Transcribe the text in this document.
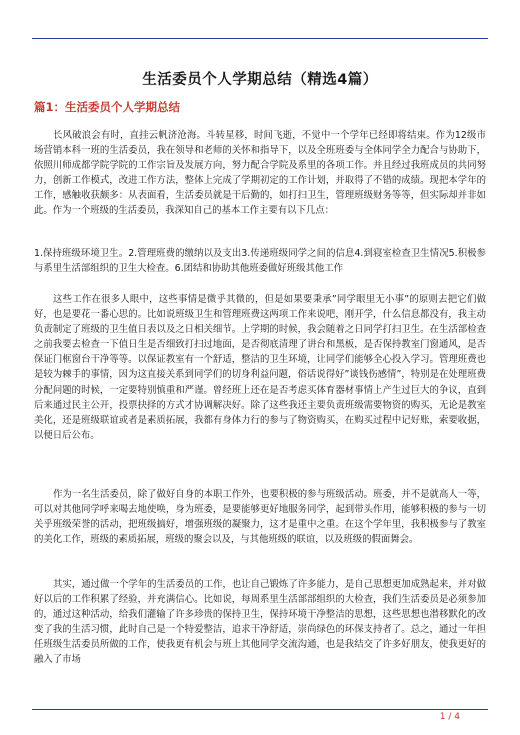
生活委员个人学期总结（精选4篇）
篇1：生活委员个人学期总结

长风破浪会有时，直挂云帆济沧海。斗转星移，时间飞逝，不觉中一个学年已经即将结束。作为12级市场营销本科一班的生活委员，我在领导和老师的关怀和指导下，以及全班班委与全体同学全力配合与协助下，依照川师成都学院学院的工作宗旨及发展方向，努力配合学院及系里的各项工作。并且经过我班成员的共同努力，创新工作模式，改进工作方法，整体上完成了学期初定的工作计划，并取得了不错的成绩。现把本学年的工作，感触收获颇多：从表面看，生活委员就是干后勤的，如打扫卫生，管理班级财务等等，但实际却并非如此。作为一个班级的生活委员，我深知自己的基本工作主要有以下几点：

1.保持班级环境卫生。2.管理班费的缴纳以及支出3.传递班级同学之间的信息4.到寝室检查卫生情况5.积极参与系里生活部组织的卫生大检查。6.团结和协助其他班委做好班级其他工作

这些工作在很多人眼中，这些事情是微乎其微的，但是如果要秉承”同学眼里无小事”的原则去把它们做好，也是要花一番心思的。比如说班级卫生和管理班费这两项工作来说吧，刚开学，什么信息都没有，我主动负责制定了班级的卫生值日表以及之日相关细节。上学期的时候，我会随着之日同学打扫卫生。在生活部检查之前我要去检查一下值日生是否细致打扫过地面，是否彻底清理了讲台和黑板，是否保持教室门窗通风，是否保证门框窗台干净等等。以保证教室有一个舒适，整洁的卫生环境，让同学们能够全心投入学习。管理班费也是较为棘手的事情，因为这直接关系到同学们的切身利益问题，俗话说得好”谈钱伤感情”，特别是在处理班费分配问题的时候，一定要特别慎重和严谨。曾经班上还在是否考虑买体育器材事情上产生过巨大的争议，直到后来通过民主公开，投票抉择的方式才协调解决好。除了这些我还主要负责班级需要物资的购买，无论是教室美化，还是班级联谊或者是素质拓展，我都有身体力行的参与了物资购买，在购买过程中记好账，索要收据，以便日后公布。

作为一名生活委员，除了做好自身的本职工作外，也要积极的参与班级活动。班委，并不是就高人一等，可以对其他同学呼来喝去地使唤，身为班委，是要能够更好地服务同学，起到带头作用，能够积极的参与一切关乎班级荣誉的活动，把班级搞好，增强班级的凝聚力，这才是重中之重。在这个学年里，我积极参与了教室的美化工作，班级的素质拓展，班级的聚会以及，与其他班级的联谊，以及班级的假面舞会。

其实，通过做一个学年的生活委员的工作，也让自己锻炼了许多能力，是自己思想更加成熟起来，并对做好以后的工作积累了经验，并充满信心。比如说，每周系里生活部部组织的大检查，我们生活委员是必须参加的，通过这种活动，给我们灌输了许多珍贵的保持卫生，保持环境干净整洁的思想，这些思想也潜移默化的改变了我的生活习惯，此时自己是一个特爱整洁，追求干净舒适，崇尚绿色的环保支持者了。总之，通过一年担任班级生活委员所做的工作，使我更有机会与班上其他同学交流沟通，也是我结交了许多好朋友，使我更好的融入了市场

1 / 4
